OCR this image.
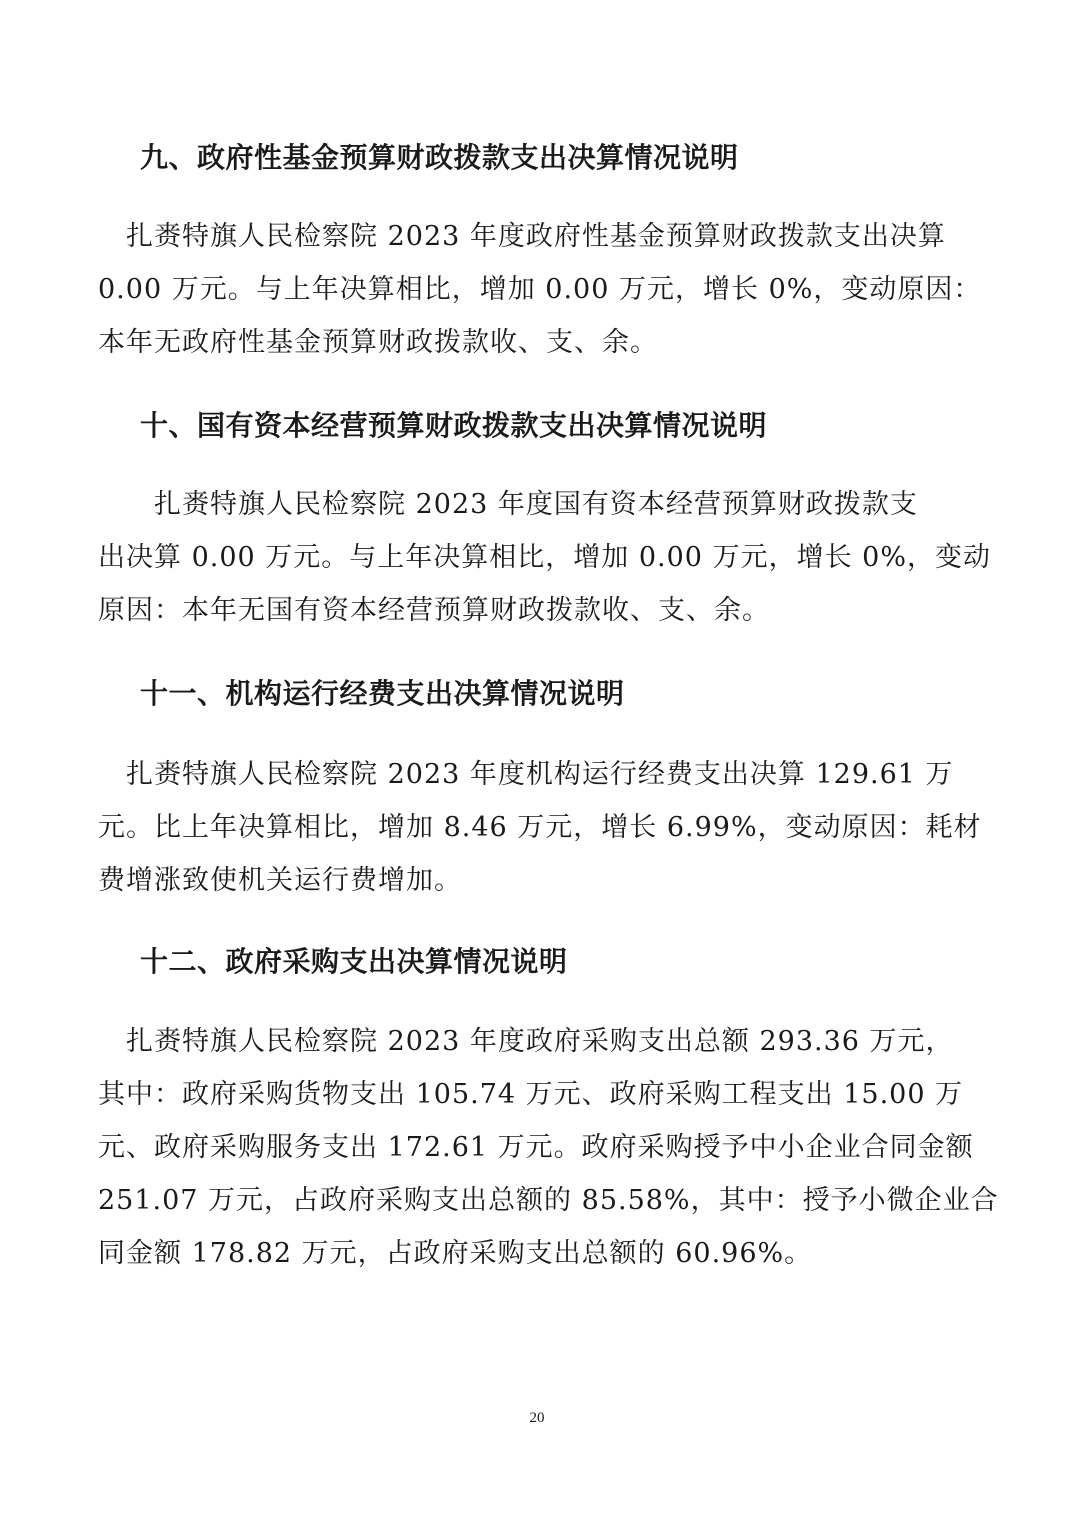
九、政府性基金预算财政拨款支出决算情况说明
　扎赉特旗人民检察院 2023 年度政府性基金预算财政拨款支出决算
0.00 万元。与上年决算相比，增加 0.00 万元，增长 0%，变动原因：
本年无政府性基金预算财政拨款收、支、余。
十、国有资本经营预算财政拨款支出决算情况说明
　　扎赉特旗人民检察院 2023 年度国有资本经营预算财政拨款支
出决算 0.00 万元。与上年决算相比，增加 0.00 万元，增长 0%，变动
原因：本年无国有资本经营预算财政拨款收、支、余。
十一、机构运行经费支出决算情况说明
　扎赉特旗人民检察院 2023 年度机构运行经费支出决算 129.61 万
元。比上年决算相比，增加 8.46 万元，增长 6.99%，变动原因：耗材
费增涨致使机关运行费增加。
十二、政府采购支出决算情况说明
　扎赉特旗人民检察院 2023 年度政府采购支出总额 293.36 万元，
其中：政府采购货物支出 105.74 万元、政府采购工程支出 15.00 万
元、政府采购服务支出 172.61 万元。政府采购授予中小企业合同金额
251.07 万元，占政府采购支出总额的 85.58%，其中：授予小微企业合
同金额 178.82 万元，占政府采购支出总额的 60.96%。
20
